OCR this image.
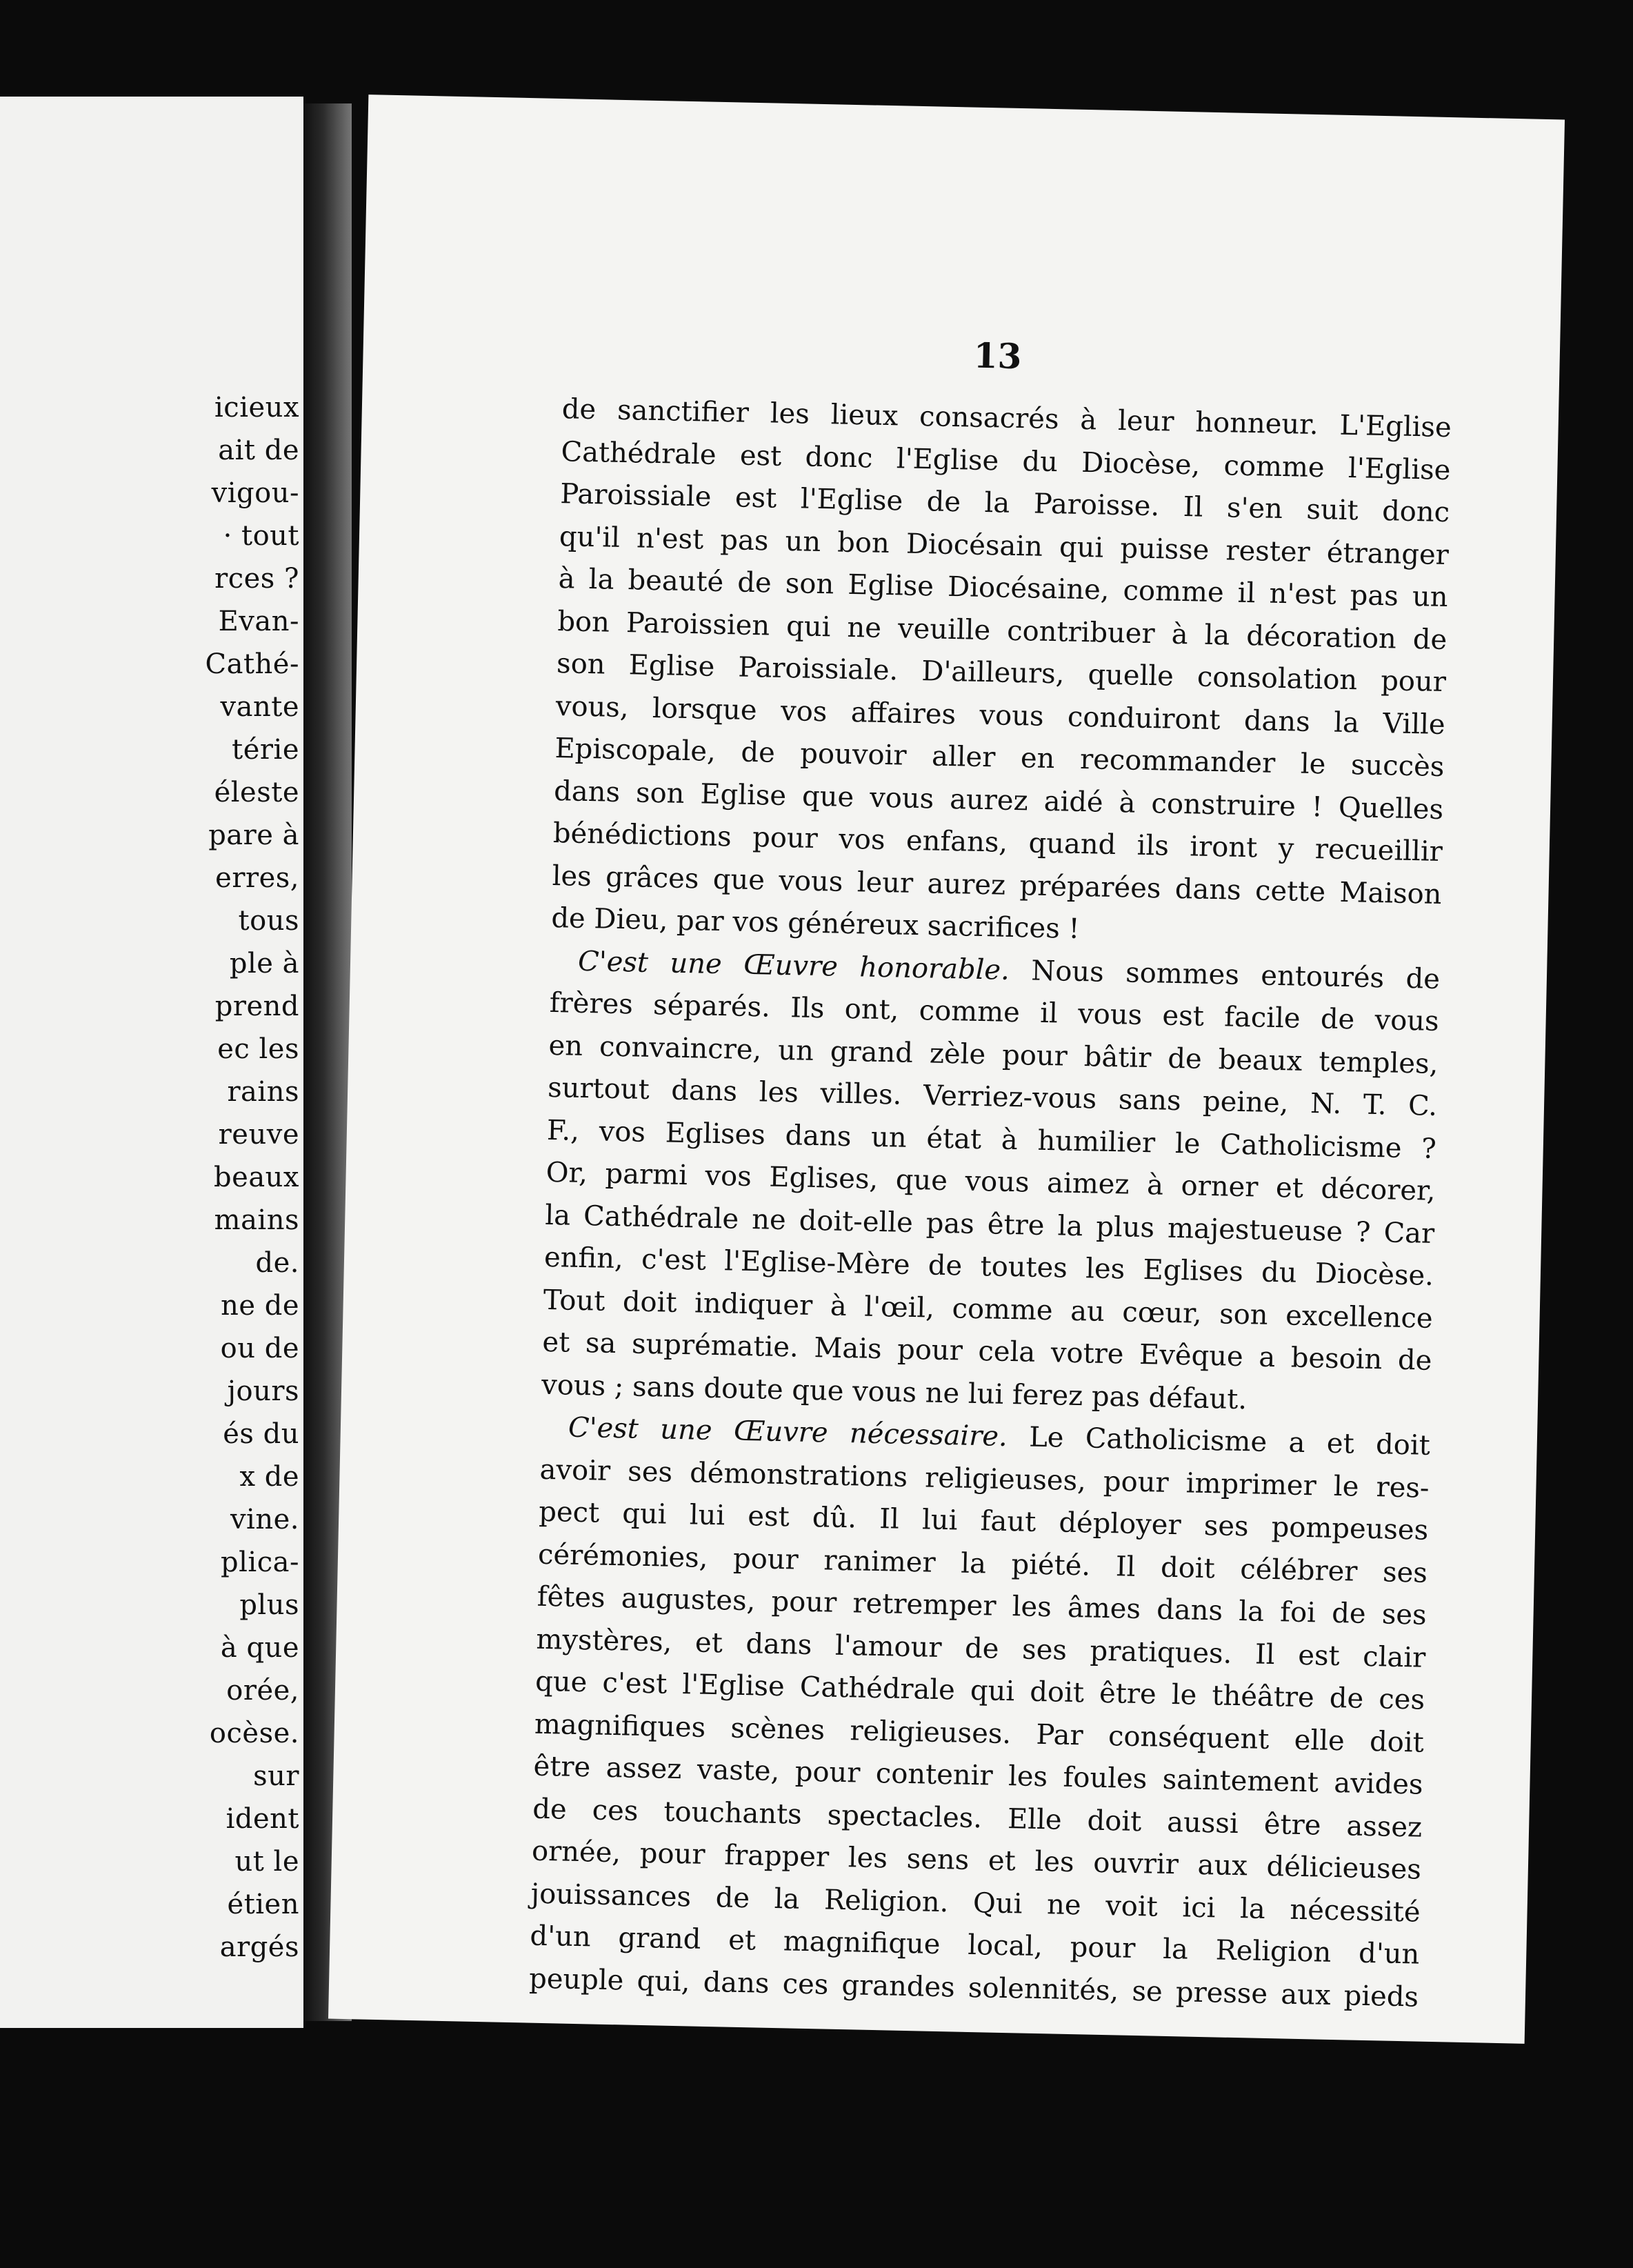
icieux
ait de
vigou-
· tout
rces ?
Evan-
Cathé-
vante
térie
éleste
pare à
erres,
tous
ple à
prend
ec les
rains
reuve
beaux
mains
de.
ne de
ou de
jours
és du
x de
vine.
plica-
plus
à que
orée,
ocèse.
sur
ident
ut le
étien
argés
13
de sanctifier les lieux consacrés à leur honneur. L'Eglise
Cathédrale est donc l'Eglise du Diocèse, comme l'Eglise
Paroissiale est l'Eglise de la Paroisse. Il s'en suit donc
qu'il n'est pas un bon Diocésain qui puisse rester étranger
à la beauté de son Eglise Diocésaine, comme il n'est pas un
bon Paroissien qui ne veuille contribuer à la décoration de
son Eglise Paroissiale. D'ailleurs, quelle consolation pour
vous, lorsque vos affaires vous conduiront dans la Ville
Episcopale, de pouvoir aller en recommander le succès
dans son Eglise que vous aurez aidé à construire ! Quelles
bénédictions pour vos enfans, quand ils iront y recueillir
les grâces que vous leur aurez préparées dans cette Maison
de Dieu, par vos généreux sacrifices !
C'est une Œuvre honorable. Nous sommes entourés de
frères séparés. Ils ont, comme il vous est facile de vous
en convaincre, un grand zèle pour bâtir de beaux temples,
surtout dans les villes. Verriez-vous sans peine, N. T. C.
F., vos Eglises dans un état à humilier le Catholicisme ?
Or, parmi vos Eglises, que vous aimez à orner et décorer,
la Cathédrale ne doit-elle pas être la plus majestueuse ? Car
enfin, c'est l'Eglise-Mère de toutes les Eglises du Diocèse.
Tout doit indiquer à l'œil, comme au cœur, son excellence
et sa suprématie. Mais pour cela votre Evêque a besoin de
vous ; sans doute que vous ne lui ferez pas défaut.
C'est une Œuvre nécessaire. Le Catholicisme a et doit
avoir ses démonstrations religieuses, pour imprimer le res-
pect qui lui est dû. Il lui faut déployer ses pompeuses
cérémonies, pour ranimer la piété. Il doit célébrer ses
fêtes augustes, pour retremper les âmes dans la foi de ses
mystères, et dans l'amour de ses pratiques. Il est clair
que c'est l'Eglise Cathédrale qui doit être le théâtre de ces
magnifiques scènes religieuses. Par conséquent elle doit
être assez vaste, pour contenir les foules saintement avides
de ces touchants spectacles. Elle doit aussi être assez
ornée, pour frapper les sens et les ouvrir aux délicieuses
jouissances de la Religion. Qui ne voit ici la nécessité
d'un grand et magnifique local, pour la Religion d'un
peuple qui, dans ces grandes solennités, se presse aux pieds
